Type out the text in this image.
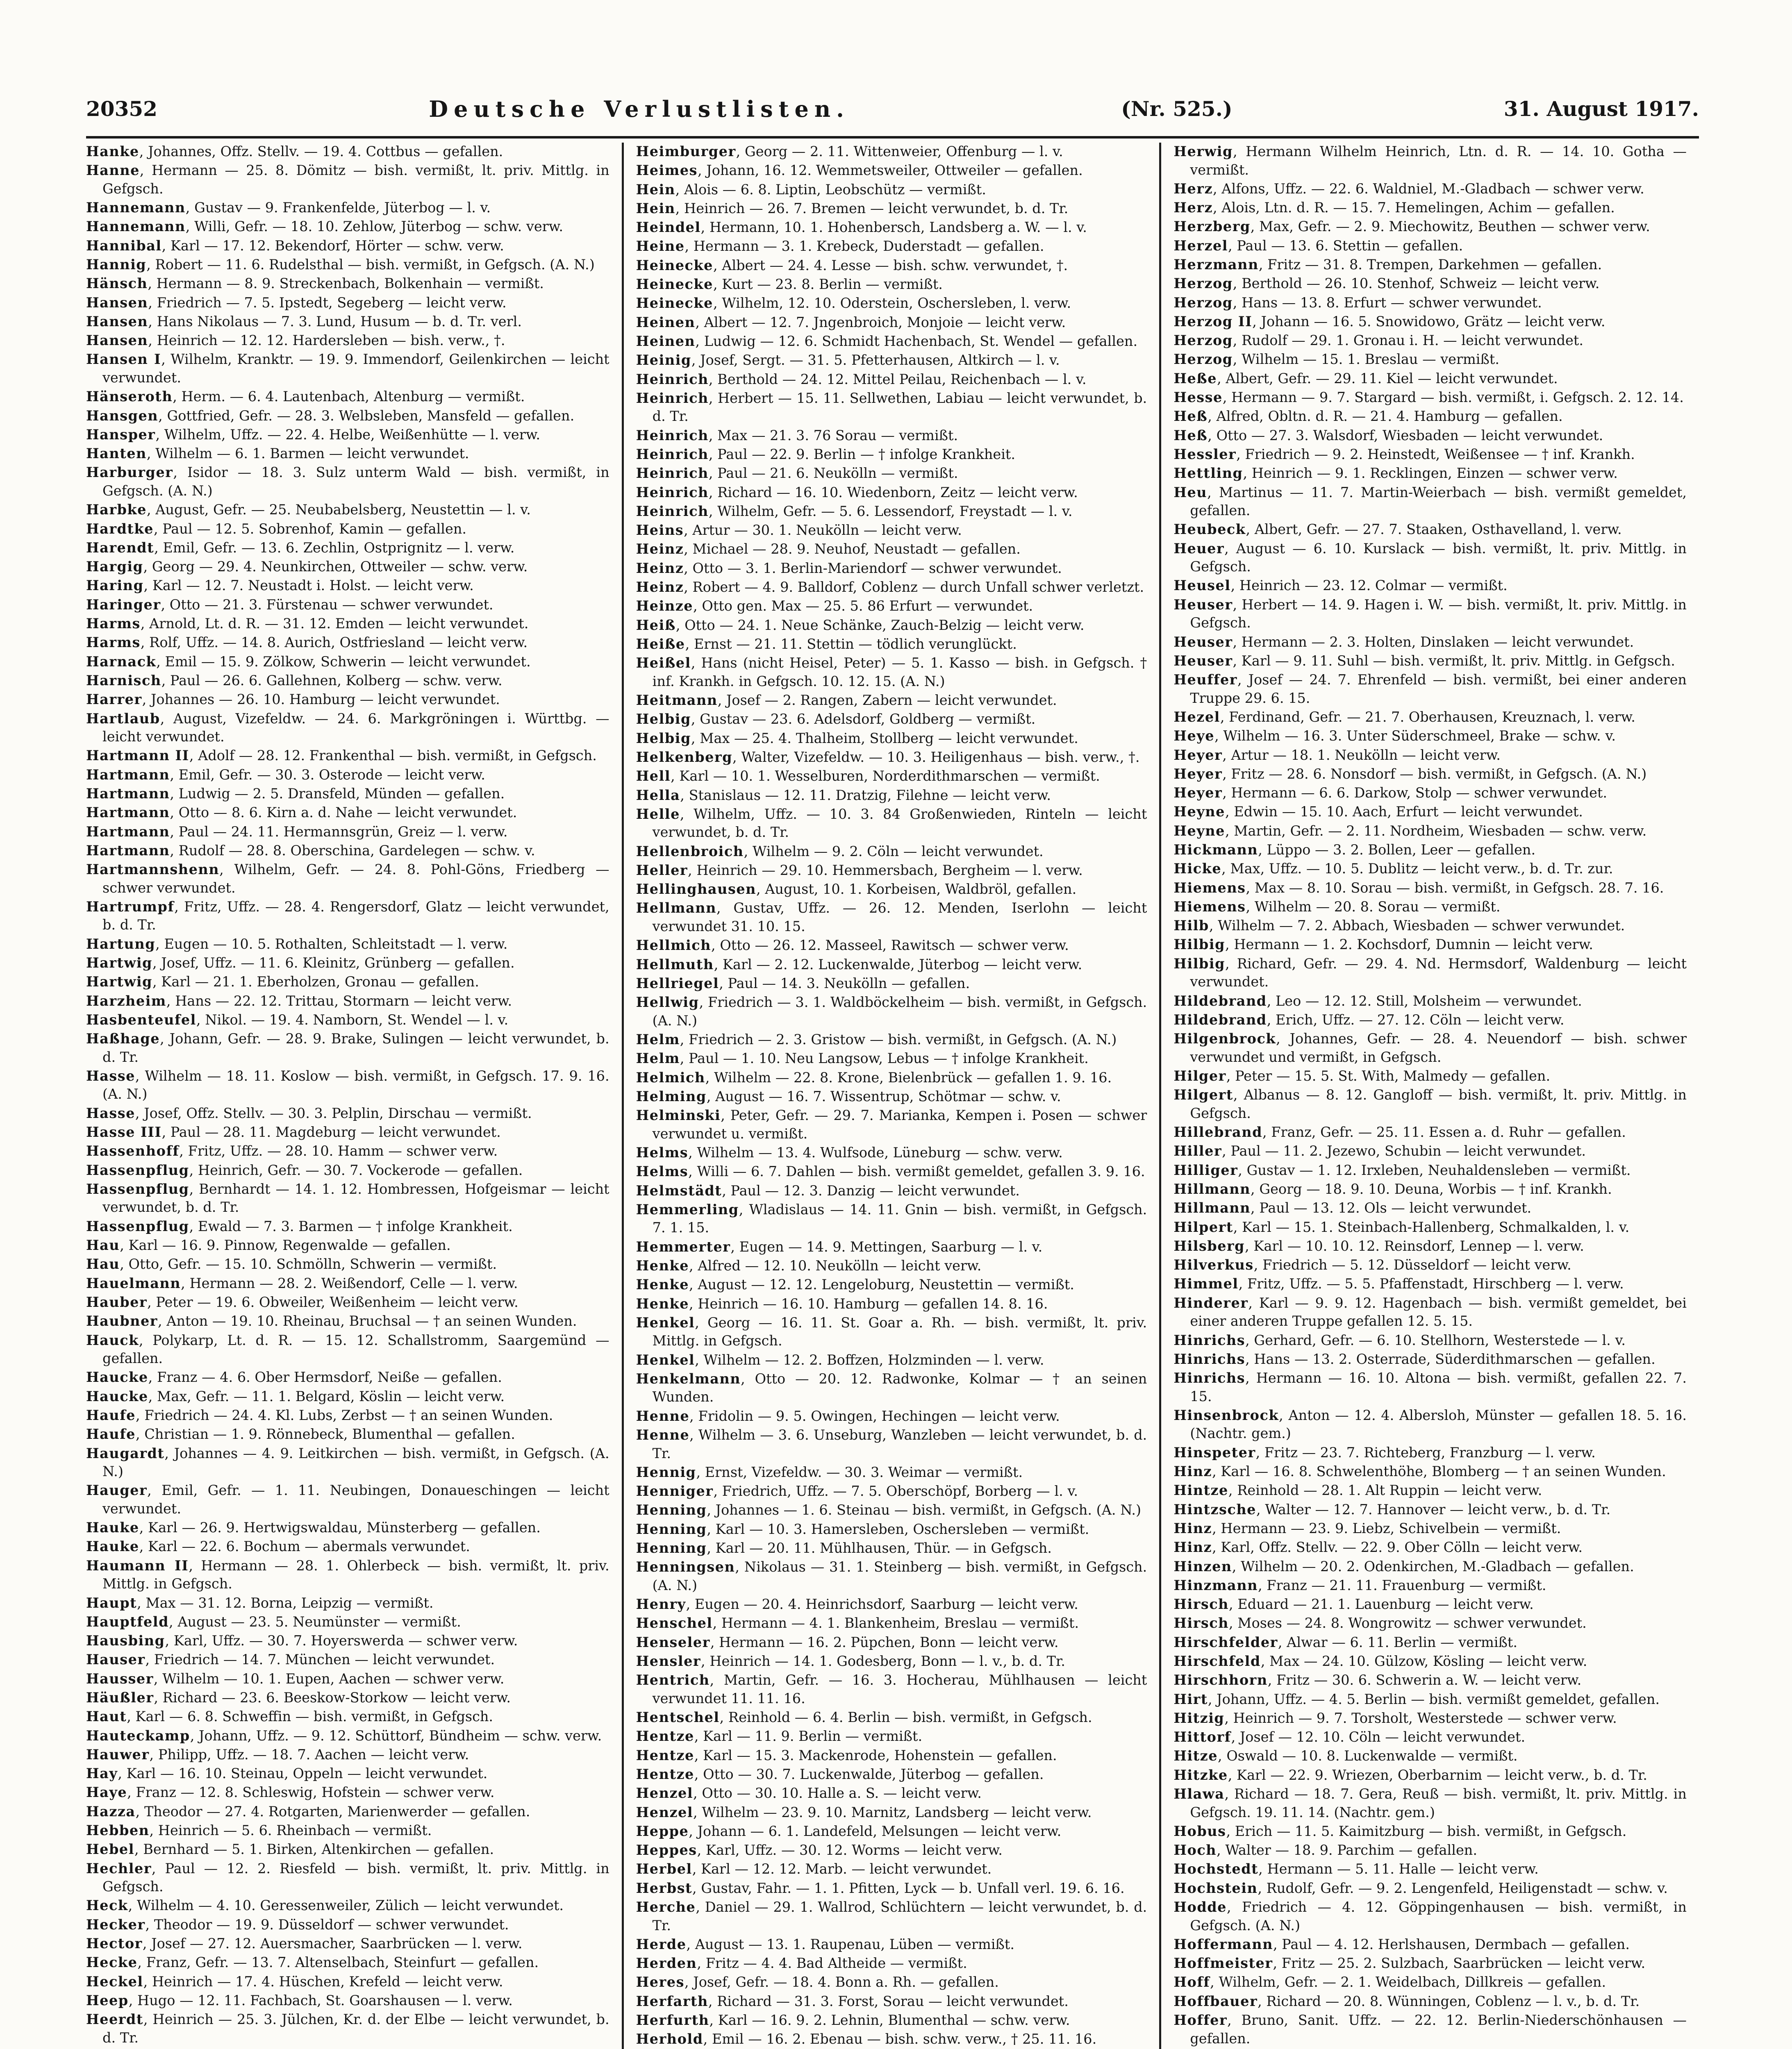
20352	Deutsche Verlustlisten.	(Nr. 525.)	31. August 1917.

Hanke , Johannes, Offz. Stellv. — 19. 4. Cottbus — gefallen.

Hanne , Hermann — 25. 8. Dömitz — bish. vermißt, lt. priv. Mittlg. in Gefgsch.

Hannemann , Gustav — 9. Frankenfelde, Jüterbog — l. v.

Hannemann , Willi, Gefr. — 18. 10. Zehlow, Jüterbog — schw. verw.

Hannibal , Karl — 17. 12. Bekendorf, Hörter — schw. verw.

Hannig , Robert — 11. 6. Rudelsthal — bish. vermißt, in Gefgsch. (A. N.)

Hänsch , Hermann — 8. 9. Streckenbach, Bolkenhain — vermißt.

Hansen , Friedrich — 7. 5. Ipstedt, Segeberg — leicht verw.

Hansen , Hans Nikolaus — 7. 3. Lund, Husum — b. d. Tr. verl.

Hansen , Heinrich — 12. 12. Hardersleben — bish. verw., †.

Hansen I , Wilhelm, Kranktr. — 19. 9. Immendorf, Geilenkirchen — leicht verwundet.

Hänseroth , Herm. — 6. 4. Lautenbach, Altenburg — vermißt.

Hansgen , Gottfried, Gefr. — 28. 3. Welbsleben, Mansfeld — gefallen.

Hansper , Wilhelm, Uffz. — 22. 4. Helbe, Weißenhütte — l. verw.

Hanten , Wilhelm — 6. 1. Barmen — leicht verwundet.

Harburger , Isidor — 18. 3. Sulz unterm Wald — bish. vermißt, in Gefgsch. (A. N.)

Harbke , August, Gefr. — 25. Neubabelsberg, Neustettin — l. v.

Hardtke , Paul — 12. 5. Sobrenhof, Kamin — gefallen.

Harendt , Emil, Gefr. — 13. 6. Zechlin, Ostprignitz — l. verw.

Hargig , Georg — 29. 4. Neunkirchen, Ottweiler — schw. verw.

Haring , Karl — 12. 7. Neustadt i. Holst. — leicht verw.

Haringer , Otto — 21. 3. Fürstenau — schwer verwundet.

Harms , Arnold, Lt. d. R. — 31. 12. Emden — leicht verwundet.

Harms , Rolf, Uffz. — 14. 8. Aurich, Ostfriesland — leicht verw.

Harnack , Emil — 15. 9. Zölkow, Schwerin — leicht verwundet.

Harnisch , Paul — 26. 6. Gallehnen, Kolberg — schw. verw.

Harrer , Johannes — 26. 10. Hamburg — leicht verwundet.

Hartlaub , August, Vizefeldw. — 24. 6. Markgröningen i. Württbg. — leicht verwundet.

Hartmann II , Adolf — 28. 12. Frankenthal — bish. vermißt, in Gefgsch.

Hartmann , Emil, Gefr. — 30. 3. Osterode — leicht verw.

Hartmann , Ludwig — 2. 5. Dransfeld, Münden — gefallen.

Hartmann , Otto — 8. 6. Kirn a. d. Nahe — leicht verwundet.

Hartmann , Paul — 24. 11. Hermannsgrün, Greiz — l. verw.

Hartmann , Rudolf — 28. 8. Oberschina, Gardelegen — schw. v.

Hartmannshenn , Wilhelm, Gefr. — 24. 8. Pohl-Göns, Friedberg — schwer verwundet.

Hartrumpf , Fritz, Uffz. — 28. 4. Rengersdorf, Glatz — leicht verwundet, b. d. Tr.

Hartung , Eugen — 10. 5. Rothalten, Schleitstadt — l. verw.

Hartwig , Josef, Uffz. — 11. 6. Kleinitz, Grünberg — gefallen.

Hartwig , Karl — 21. 1. Eberholzen, Gronau — gefallen.

Harzheim , Hans — 22. 12. Trittau, Stormarn — leicht verw.

Hasbenteufel , Nikol. — 19. 4. Namborn, St. Wendel — l. v.

Haßhage , Johann, Gefr. — 28. 9. Brake, Sulingen — leicht verwundet, b. d. Tr.

Hasse , Wilhelm — 18. 11. Koslow — bish. vermißt, in Gefgsch. 17. 9. 16. (A. N.)

Hasse , Josef, Offz. Stellv. — 30. 3. Pelplin, Dirschau — vermißt.

Hasse III , Paul — 28. 11. Magdeburg — leicht verwundet.

Hassenhoff , Fritz, Uffz. — 28. 10. Hamm — schwer verw.

Hassenpflug , Heinrich, Gefr. — 30. 7. Vockerode — gefallen.

Hassenpflug , Bernhardt — 14. 1. 12. Hombressen, Hofgeismar — leicht verwundet, b. d. Tr.

Hassenpflug , Ewald — 7. 3. Barmen — † infolge Krankheit.

Hau , Karl — 16. 9. Pinnow, Regenwalde — gefallen.

Hau , Otto, Gefr. — 15. 10. Schmölln, Schwerin — vermißt.

Hauelmann , Hermann — 28. 2. Weißendorf, Celle — l. verw.

Hauber , Peter — 19. 6. Obweiler, Weißenheim — leicht verw.

Haubner , Anton — 19. 10. Rheinau, Bruchsal — † an seinen Wunden.

Hauck , Polykarp, Lt. d. R. — 15. 12. Schallstromm, Saargemünd — gefallen.

Haucke , Franz — 4. 6. Ober Hermsdorf, Neiße — gefallen.

Haucke , Max, Gefr. — 11. 1. Belgard, Köslin — leicht verw.

Haufe , Friedrich — 24. 4. Kl. Lubs, Zerbst — † an seinen Wunden.

Haufe , Christian — 1. 9. Rönnebeck, Blumenthal — gefallen.

Haugardt , Johannes — 4. 9. Leitkirchen — bish. vermißt, in Gefgsch. (A. N.)

Hauger , Emil, Gefr. — 1. 11. Neubingen, Donaueschingen — leicht verwundet.

Hauke , Karl — 26. 9. Hertwigswaldau, Münsterberg — gefallen.

Hauke , Karl — 22. 6. Bochum — abermals verwundet.

Haumann II , Hermann — 28. 1. Ohlerbeck — bish. vermißt, lt. priv. Mittlg. in Gefgsch.

Haupt , Max — 31. 12. Borna, Leipzig — vermißt.

Hauptfeld , August — 23. 5. Neumünster — vermißt.

Hausbing , Karl, Uffz. — 30. 7. Hoyerswerda — schwer verw.

Hauser , Friedrich — 14. 7. München — leicht verwundet.

Hausser , Wilhelm — 10. 1. Eupen, Aachen — schwer verw.

Häußler , Richard — 23. 6. Beeskow-Storkow — leicht verw.

Haut , Karl — 6. 8. Schweffin — bish. vermißt, in Gefgsch.

Hauteckamp , Johann, Uffz. — 9. 12. Schüttorf, Bündheim — schw. verw.

Hauwer , Philipp, Uffz. — 18. 7. Aachen — leicht verw.

Hay , Karl — 16. 10. Steinau, Oppeln — leicht verwundet.

Haye , Franz — 12. 8. Schleswig, Hofstein — schwer verw.

Hazza , Theodor — 27. 4. Rotgarten, Marienwerder — gefallen.

Hebben , Heinrich — 5. 6. Rheinbach — vermißt.

Hebel , Bernhard — 5. 1. Birken, Altenkirchen — gefallen.

Hechler , Paul — 12. 2. Riesfeld — bish. vermißt, lt. priv. Mittlg. in Gefgsch.

Heck , Wilhelm — 4. 10. Geressenweiler, Zülich — leicht verwundet.

Hecker , Theodor — 19. 9. Düsseldorf — schwer verwundet.

Hector , Josef — 27. 12. Auersmacher, Saarbrücken — l. verw.

Hecke , Franz, Gefr. — 13. 7. Altenselbach, Steinfurt — gefallen.

Heckel , Heinrich — 17. 4. Hüschen, Krefeld — leicht verw.

Heep , Hugo — 12. 11. Fachbach, St. Goarshausen — l. verw.

Heerdt , Heinrich — 25. 3. Jülchen, Kr. d. der Elbe — leicht verwundet, b. d. Tr.

,

Heimburger , Georg — 2. 11. Wittenweier, Offenburg — l. v.

Heimes , Johann, 16. 12. Wemmetsweiler, Ottweiler — gefallen.

Hein , Alois — 6. 8. Liptin, Leobschütz — vermißt.

Hein , Heinrich — 26. 7. Bremen — leicht verwundet, b. d. Tr.

Heindel , Hermann, 10. 1. Hohenbersch, Landsberg a. W. — l. v.

Heine , Hermann — 3. 1. Krebeck, Duderstadt — gefallen.

Heinecke , Albert — 24. 4. Lesse — bish. schw. verwundet, †.

Heinecke , Kurt — 23. 8. Berlin — vermißt.

Heinecke , Wilhelm, 12. 10. Oderstein, Oschersleben, l. verw.

Heinen , Albert — 12. 7. Jngenbroich, Monjoie — leicht verw.

Heinen , Ludwig — 12. 6. Schmidt Hachenbach, St. Wendel — gefallen.

Heinig , Josef, Sergt. — 31. 5. Pfetterhausen, Altkirch — l. v.

Heinrich , Berthold — 24. 12. Mittel Peilau, Reichenbach — l. v.

Heinrich , Herbert — 15. 11. Sellwethen, Labiau — leicht verwundet, b. d. Tr.

Heinrich , Max — 21. 3. 76 Sorau — vermißt.

Heinrich , Paul — 22. 9. Berlin — † infolge Krankheit.

Heinrich , Paul — 21. 6. Neukölln — vermißt.

Heinrich , Richard — 16. 10. Wiedenborn, Zeitz — leicht verw.

Heinrich , Wilhelm, Gefr. — 5. 6. Lessendorf, Freystadt — l. v.

Heins , Artur — 30. 1. Neukölln — leicht verw.

Heinz , Michael — 28. 9. Neuhof, Neustadt — gefallen.

Heinz , Otto — 3. 1. Berlin-Mariendorf — schwer verwundet.

Heinz , Robert — 4. 9. Balldorf, Coblenz — durch Unfall schwer verletzt.

Heinze , Otto gen. Max — 25. 5. 86 Erfurt — verwundet.

Heiß , Otto — 24. 1. Neue Schänke, Zauch-Belzig — leicht verw.

Heiße , Ernst — 21. 11. Stettin — tödlich verunglückt.

Heißel , Hans (nicht Heisel, Peter) — 5. 1. Kasso — bish. in Gefgsch. † inf. Krankh. in Gefgsch. 10. 12. 15. (A. N.)

Heitmann , Josef — 2. Rangen, Zabern — leicht verwundet.

Helbig , Gustav — 23. 6. Adelsdorf, Goldberg — vermißt.

Helbig , Max — 25. 4. Thalheim, Stollberg — leicht verwundet.

Helkenberg , Walter, Vizefeldw. — 10. 3. Heiligenhaus — bish. verw., †.

Hell , Karl — 10. 1. Wesselburen, Norderdithmarschen — vermißt.

Hella , Stanislaus — 12. 11. Dratzig, Filehne — leicht verw.

Helle , Wilhelm, Uffz. — 10. 3. 84 Großenwieden, Rinteln — leicht verwundet, b. d. Tr.

Hellenbroich , Wilhelm — 9. 2. Cöln — leicht verwundet.

Heller , Heinrich — 29. 10. Hemmersbach, Bergheim — l. verw.

Hellinghausen , August, 10. 1. Korbeisen, Waldbröl, gefallen.

Hellmann , Gustav, Uffz. — 26. 12. Menden, Iserlohn — leicht verwundet 31. 10. 15.

Hellmich , Otto — 26. 12. Masseel, Rawitsch — schwer verw.

Hellmuth , Karl — 2. 12. Luckenwalde, Jüterbog — leicht verw.

Hellriegel , Paul — 14. 3. Neukölln — gefallen.

Hellwig , Friedrich — 3. 1. Waldböckelheim — bish. vermißt, in Gefgsch. (A. N.)

Helm , Friedrich — 2. 3. Gristow — bish. vermißt, in Gefgsch. (A. N.)

Helm , Paul — 1. 10. Neu Langsow, Lebus — † infolge Krankheit.

Helmich , Wilhelm — 22. 8. Krone, Bielenbrück — gefallen 1. 9. 16.

Helming , August — 16. 7. Wissentrup, Schötmar — schw. v.

Helminski , Peter, Gefr. — 29. 7. Marianka, Kempen i. Posen — schwer verwundet u. vermißt.

Helms , Wilhelm — 13. 4. Wulfsode, Lüneburg — schw. verw.

Helms , Willi — 6. 7. Dahlen — bish. vermißt gemeldet, gefallen 3. 9. 16.

Helmstädt , Paul — 12. 3. Danzig — leicht verwundet.

Hemmerling , Wladislaus — 14. 11. Gnin — bish. vermißt, in Gefgsch. 7. 1. 15.

Hemmerter , Eugen — 14. 9. Mettingen, Saarburg — l. v.

Henke , Alfred — 12. 10. Neukölln — leicht verw.

Henke , August — 12. 12. Lengeloburg, Neustettin — vermißt.

Henke , Heinrich — 16. 10. Hamburg — gefallen 14. 8. 16.

Henkel , Georg — 16. 11. St. Goar a. Rh. — bish. vermißt, lt. priv. Mittlg. in Gefgsch.

Henkel , Wilhelm — 12. 2. Boffzen, Holzminden — l. verw.

Henkelmann , Otto — 20. 12. Radwonke, Kolmar — † an seinen Wunden.

Henne , Fridolin — 9. 5. Owingen, Hechingen — leicht verw.

Henne , Wilhelm — 3. 6. Unseburg, Wanzleben — leicht verwundet, b. d. Tr.

Hennig , Ernst, Vizefeldw. — 30. 3. Weimar — vermißt.

Henniger , Friedrich, Uffz. — 7. 5. Oberschöpf, Borberg — l. v.

Henning , Johannes — 1. 6. Steinau — bish. vermißt, in Gefgsch. (A. N.)

Henning , Karl — 10. 3. Hamersleben, Oschersleben — vermißt.

Henning , Karl — 20. 11. Mühlhausen, Thür. — in Gefgsch.

Henningsen , Nikolaus — 31. 1. Steinberg — bish. vermißt, in Gefgsch. (A. N.)

Henry , Eugen — 20. 4. Heinrichsdorf, Saarburg — leicht verw.

Henschel , Hermann — 4. 1. Blankenheim, Breslau — vermißt.

Henseler , Hermann — 16. 2. Püpchen, Bonn — leicht verw.

Hensler , Heinrich — 14. 1. Godesberg, Bonn — l. v., b. d. Tr.

Hentrich , Martin, Gefr. — 16. 3. Hocherau, Mühlhausen — leicht verwundet 11. 11. 16.

Hentschel , Reinhold — 6. 4. Berlin — bish. vermißt, in Gefgsch.

Hentze , Karl — 11. 9. Berlin — vermißt.

Hentze , Karl — 15. 3. Mackenrode, Hohenstein — gefallen.

Hentze , Otto — 30. 7. Luckenwalde, Jüterbog — gefallen.

Henzel , Otto — 30. 10. Halle a. S. — leicht verw.

Henzel , Wilhelm — 23. 9. 10. Marnitz, Landsberg — leicht verw.

Heppe , Johann — 6. 1. Landefeld, Melsungen — leicht verw.

Heppes , Karl, Uffz. — 30. 12. Worms — leicht verw.

Herbel , Karl — 12. 12. Marb. — leicht verwundet.

Herbst , Gustav, Fahr. — 1. 1. Pfitten, Lyck — b. Unfall verl. 19. 6. 16.

Herche , Daniel — 29. 1. Wallrod, Schlüchtern — leicht verwundet, b. d. Tr.

Herde , August — 13. 1. Raupenau, Lüben — vermißt.

Herden , Fritz — 4. 4. Bad Altheide — vermißt.

Heres , Josef, Gefr. — 18. 4. Bonn a. Rh. — gefallen.

Herfarth , Richard — 31. 3. Forst, Sorau — leicht verwundet.

Herfurth , Karl — 16. 9. 2. Lehnin, Blumenthal — schw. verw.

Herhold , Emil — 16. 2. Ebenau — bish. schw. verw., † 25. 11. 16.

Herwig , Hermann Wilhelm Heinrich, Ltn. d. R. — 14. 10. Gotha — vermißt.

Herz , Alfons, Uffz. — 22. 6. Waldniel, M.-Gladbach — schwer verw.

Herz , Alois, Ltn. d. R. — 15. 7. Hemelingen, Achim — gefallen.

Herzberg , Max, Gefr. — 2. 9. Miechowitz, Beuthen — schwer verw.

Herzel , Paul — 13. 6. Stettin — gefallen.

Herzmann , Fritz — 31. 8. Trempen, Darkehmen — gefallen.

Herzog , Berthold — 26. 10. Stenhof, Schweiz — leicht verw.

Herzog , Hans — 13. 8. Erfurt — schwer verwundet.

Herzog II , Johann — 16. 5. Snowidowo, Grätz — leicht verw.

Herzog , Rudolf — 29. 1. Gronau i. H. — leicht verwundet.

Herzog , Wilhelm — 15. 1. Breslau — vermißt.

Heße , Albert, Gefr. — 29. 11. Kiel — leicht verwundet.

Hesse , Hermann — 9. 7. Stargard — bish. vermißt, i. Gefgsch. 2. 12. 14.

Heß , Alfred, Obltn. d. R. — 21. 4. Hamburg — gefallen.

Heß , Otto — 27. 3. Walsdorf, Wiesbaden — leicht verwundet.

Hessler , Friedrich — 9. 2. Heinstedt, Weißensee — † inf. Krankh.

Hettling , Heinrich — 9. 1. Recklingen, Einzen — schwer verw.

Heu , Martinus — 11. 7. Martin-Weierbach — bish. vermißt gemeldet, gefallen.

Heubeck , Albert, Gefr. — 27. 7. Staaken, Osthavelland, l. verw.

Heuer , August — 6. 10. Kurslack — bish. vermißt, lt. priv. Mittlg. in Gefgsch.

Heusel , Heinrich — 23. 12. Colmar — vermißt.

Heuser , Herbert — 14. 9. Hagen i. W. — bish. vermißt, lt. priv. Mittlg. in Gefgsch.

Heuser , Hermann — 2. 3. Holten, Dinslaken — leicht verwundet.

Heuser , Karl — 9. 11. Suhl — bish. vermißt, lt. priv. Mittlg. in Gefgsch.

Heuffer , Josef — 24. 7. Ehrenfeld — bish. vermißt, bei einer anderen Truppe 29. 6. 15.

Hezel , Ferdinand, Gefr. — 21. 7. Oberhausen, Kreuznach, l. verw.

Heye , Wilhelm — 16. 3. Unter Süderschmeel, Brake — schw. v.

Heyer , Artur — 18. 1. Neukölln — leicht verw.

Heyer , Fritz — 28. 6. Nonsdorf — bish. vermißt, in Gefgsch. (A. N.)

Heyer , Hermann — 6. 6. Darkow, Stolp — schwer verwundet.

Heyne , Edwin — 15. 10. Aach, Erfurt — leicht verwundet.

Heyne , Martin, Gefr. — 2. 11. Nordheim, Wiesbaden — schw. verw.

Hickmann , Lüppo — 3. 2. Bollen, Leer — gefallen.

Hicke , Max, Uffz. — 10. 5. Dublitz — leicht verw., b. d. Tr. zur.

Hiemens , Max — 8. 10. Sorau — bish. vermißt, in Gefgsch. 28. 7. 16.

Hiemens , Wilhelm — 20. 8. Sorau — vermißt.

Hilb , Wilhelm — 7. 2. Abbach, Wiesbaden — schwer verwundet.

Hilbig , Hermann — 1. 2. Kochsdorf, Dumnin — leicht verw.

Hilbig , Richard, Gefr. — 29. 4. Nd. Hermsdorf, Waldenburg — leicht verwundet.

Hildebrand , Leo — 12. 12. Still, Molsheim — verwundet.

Hildebrand , Erich, Uffz. — 27. 12. Cöln — leicht verw.

Hilgenbrock , Johannes, Gefr. — 28. 4. Neuendorf — bish. schwer verwundet und vermißt, in Gefgsch.

Hilger , Peter — 15. 5. St. With, Malmedy — gefallen.

Hilgert , Albanus — 8. 12. Gangloff — bish. vermißt, lt. priv. Mittlg. in Gefgsch.

Hillebrand , Franz, Gefr. — 25. 11. Essen a. d. Ruhr — gefallen.

Hiller , Paul — 11. 2. Jezewo, Schubin — leicht verwundet.

Hilliger , Gustav — 1. 12. Irxleben, Neuhaldensleben — vermißt.

Hillmann , Georg — 18. 9. 10. Deuna, Worbis — † inf. Krankh.

Hillmann , Paul — 13. 12. Ols — leicht verwundet.

Hilpert , Karl — 15. 1. Steinbach-Hallenberg, Schmalkalden, l. v.

Hilsberg , Karl — 10. 10. 12. Reinsdorf, Lennep — l. verw.

Hilverkus , Friedrich — 5. 12. Düsseldorf — leicht verw.

Himmel , Fritz, Uffz. — 5. 5. Pfaffenstadt, Hirschberg — l. verw.

Hinderer , Karl — 9. 9. 12. Hagenbach — bish. vermißt gemeldet, bei einer anderen Truppe gefallen 12. 5. 15.

Hinrichs , Gerhard, Gefr. — 6. 10. Stellhorn, Westerstede — l. v.

Hinrichs , Hans — 13. 2. Osterrade, Süderdithmarschen — gefallen.

Hinrichs , Hermann — 16. 10. Altona — bish. vermißt, gefallen 22. 7. 15.

Hinsenbrock , Anton — 12. 4. Albersloh, Münster — gefallen 18. 5. 16. (Nachtr. gem.)

Hinspeter , Fritz — 23. 7. Richteberg, Franzburg — l. verw.

Hinz , Karl — 16. 8. Schwelenthöhe, Blomberg — † an seinen Wunden.

Hintze , Reinhold — 28. 1. Alt Ruppin — leicht verw.

Hintzsche , Walter — 12. 7. Hannover — leicht verw., b. d. Tr.

Hinz , Hermann — 23. 9. Liebz, Schivelbein — vermißt.

Hinz , Karl, Offz. Stellv. — 22. 9. Ober Cölln — leicht verw.

Hinzen , Wilhelm — 20. 2. Odenkirchen, M.-Gladbach — gefallen.

Hinzmann , Franz — 21. 11. Frauenburg — vermißt.

Hirsch , Eduard — 21. 1. Lauenburg — leicht verw.

Hirsch , Moses — 24. 8. Wongrowitz — schwer verwundet.

Hirschfelder , Alwar — 6. 11. Berlin — vermißt.

Hirschfeld , Max — 24. 10. Gülzow, Kösling — leicht verw.

Hirschhorn , Fritz — 30. 6. Schwerin a. W. — leicht verw.

Hirt , Johann, Uffz. — 4. 5. Berlin — bish. vermißt gemeldet, gefallen.

Hitzig , Heinrich — 9. 7. Torsholt, Westerstede — schwer verw.

Hittorf , Josef — 12. 10. Cöln — leicht verwundet.

Hitze , Oswald — 10. 8. Luckenwalde — vermißt.

Hitzke , Karl — 22. 9. Wriezen, Oberbarnim — leicht verw., b. d. Tr.

Hlawa , Richard — 18. 7. Gera, Reuß — bish. vermißt, lt. priv. Mittlg. in Gefgsch. 19. 11. 14. (Nachtr. gem.)

Hobus , Erich — 11. 5. Kaimitzburg — bish. vermißt, in Gefgsch.

Hoch , Walter — 18. 9. Parchim — gefallen.

Hochstedt , Hermann — 5. 11. Halle — leicht verw.

Hochstein , Rudolf, Gefr. — 9. 2. Lengenfeld, Heiligenstadt — schw. v.

Hodde , Friedrich — 4. 12. Göppingenhausen — bish. vermißt, in Gefgsch. (A. N.)

Hoffermann , Paul — 4. 12. Herlshausen, Dermbach — gefallen.

Hoffmeister , Fritz — 25. 2. Sulzbach, Saarbrücken — leicht verw.

Hoff , Wilhelm, Gefr. — 2. 1. Weidelbach, Dillkreis — gefallen.

Hoffbauer , Richard — 20. 8. Wünningen, Coblenz — l. v., b. d. Tr.

Hoffer , Bruno, Sanit. Uffz. — 22. 12. Berlin-Niederschönhausen — gefallen.
